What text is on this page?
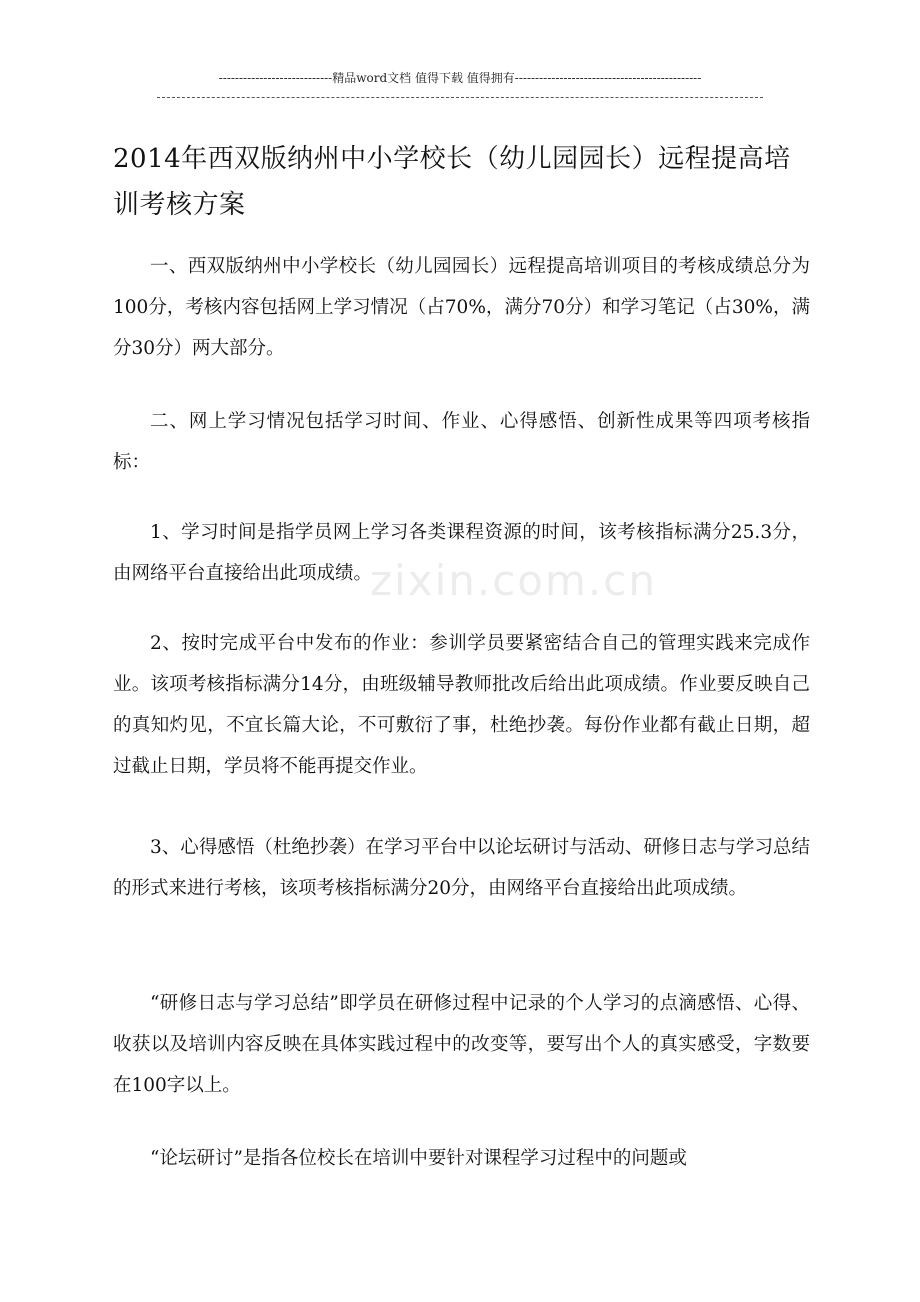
----------------------------精品word文档 值得下载 值得拥有----------------------------------------------
2014年西双版纳州中小学校长（幼儿园园长）远程提高培训考核方案

一、西双版纳州中小学校长（幼儿园园长）远程提高培训项目的考核成绩总分为100分，考核内容包括网上学习情况（占70%，满分70分）和学习笔记（占30%，满分30分）两大部分。

二、网上学习情况包括学习时间、作业、心得感悟、创新性成果等四项考核指标：

1、学习时间是指学员网上学习各类课程资源的时间，该考核指标满分25.3分，由网络平台直接给出此项成绩。

2、按时完成平台中发布的作业：参训学员要紧密结合自己的管理实践来完成作业。该项考核指标满分14分，由班级辅导教师批改后给出此项成绩。作业要反映自己的真知灼见，不宜长篇大论，不可敷衍了事，杜绝抄袭。每份作业都有截止日期，超过截止日期，学员将不能再提交作业。

3、心得感悟（杜绝抄袭）在学习平台中以论坛研讨与活动、研修日志与学习总结的形式来进行考核，该项考核指标满分20分，由网络平台直接给出此项成绩。

“研修日志与学习总结”即学员在研修过程中记录的个人学习的点滴感悟、心得、收获以及培训内容反映在具体实践过程中的改变等，要写出个人的真实感受，字数要在100字以上。

“论坛研讨”是指各位校长在培训中要针对课程学习过程中的问题或

zixin.com.cn
